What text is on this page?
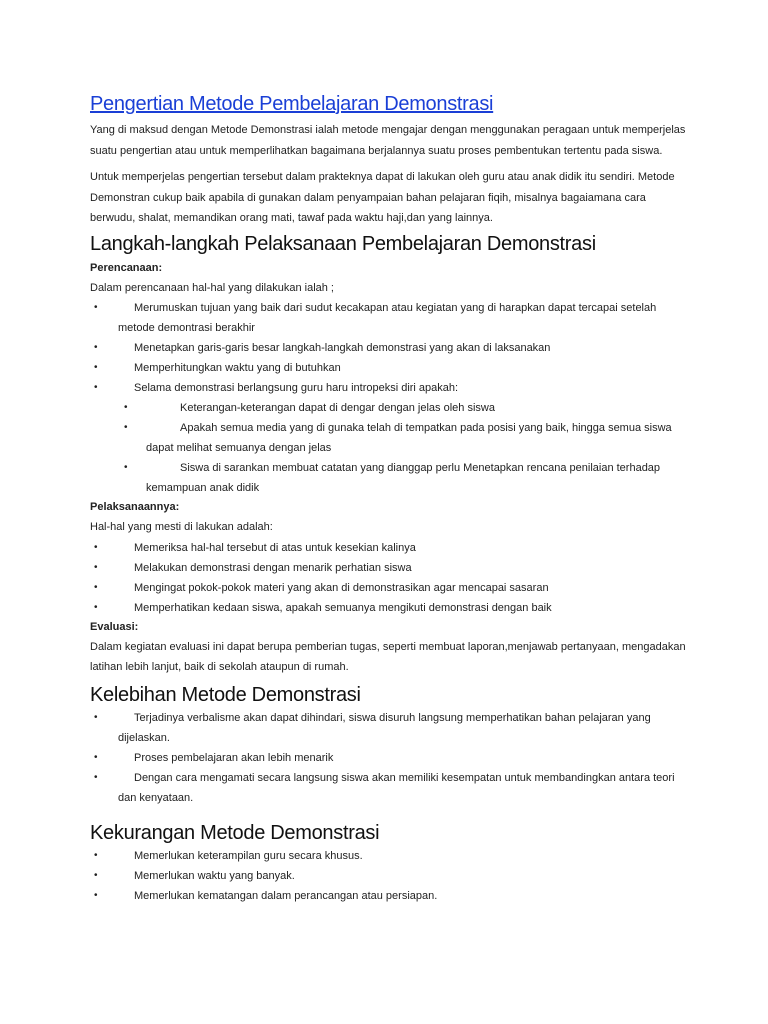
Pengertian Metode Pembelajaran Demonstrasi

Yang di maksud dengan Metode Demonstrasi ialah metode mengajar dengan menggunakan peragaan untuk memperjelas suatu pengertian atau untuk memperlihatkan bagaimana berjalannya suatu proses pembentukan tertentu pada siswa.

Untuk memperjelas pengertian tersebut dalam prakteknya dapat di lakukan oleh guru atau anak didik itu sendiri. Metode Demonstran cukup baik apabila di gunakan dalam penyampaian bahan pelajaran fiqih, misalnya bagaiamana cara berwudu, shalat, memandikan orang mati, tawaf pada waktu haji,dan yang lainnya.

Langkah-langkah Pelaksanaan Pembelajaran Demonstrasi
Perencanaan:

Dalam perencanaan hal-hal yang dilakukan ialah ;

•	Merumuskan tujuan yang baik dari sudut kecakapan atau kegiatan yang di harapkan dapat tercapai setelah metode demontrasi berakhir
•	Menetapkan garis-garis besar langkah-langkah demonstrasi yang akan di laksanakan
•	Memperhitungkan waktu yang di butuhkan
•	Selama demonstrasi berlangsung guru haru intropeksi diri apakah:
•	Keterangan-keterangan dapat di dengar dengan jelas oleh siswa
•	Apakah semua media yang di gunaka telah di tempatkan pada posisi yang baik, hingga semua siswa dapat melihat semuanya dengan jelas
•	Siswa di sarankan membuat catatan yang dianggap perlu Menetapkan rencana penilaian terhadap kemampuan anak didik
Pelaksanaannya:

Hal-hal yang mesti di lakukan adalah:

•	Memeriksa hal-hal tersebut di atas untuk kesekian kalinya
•	Melakukan demonstrasi dengan menarik perhatian siswa
•	Mengingat pokok-pokok materi yang akan di demonstrasikan agar mencapai sasaran
•	Memperhatikan kedaan siswa, apakah semuanya mengikuti demonstrasi dengan baik
Evaluasi:

Dalam kegiatan evaluasi ini dapat berupa pemberian tugas, seperti membuat laporan,menjawab pertanyaan, mengadakan latihan lebih lanjut, baik di sekolah ataupun di rumah.

Kelebihan Metode Demonstrasi
•	Terjadinya verbalisme akan dapat dihindari, siswa disuruh langsung memperhatikan bahan pelajaran yang dijelaskan.
•	Proses pembelajaran akan lebih menarik
•	Dengan cara mengamati secara langsung siswa akan memiliki kesempatan untuk membandingkan antara teori dan kenyataan.
Kekurangan Metode Demonstrasi
•	Memerlukan keterampilan guru secara khusus.
•	Memerlukan waktu yang banyak.
•	Memerlukan kematangan dalam perancangan atau persiapan.
